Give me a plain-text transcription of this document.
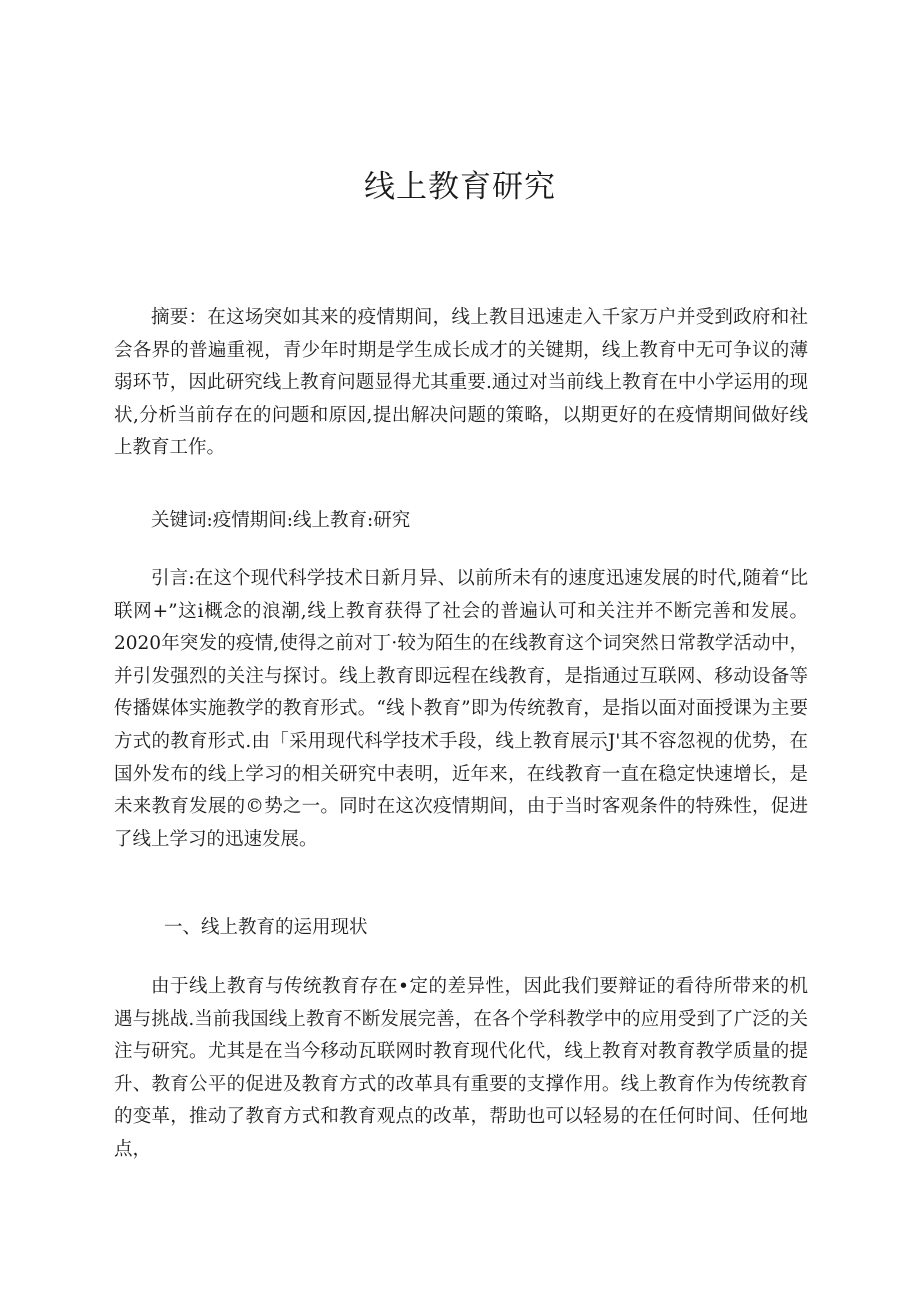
线上教育研究

摘要：在这场突如其来的疫情期间，线上教目迅速走入千家万户并受到政府和社会各界的普遍重视，青少年时期是学生成长成才的关键期，线上教育中无可争议的薄弱环节，因此研究线上教育问题显得尤其重要.通过对当前线上教育在中小学运用的现状,分析当前存在的问题和原因,提出解决问题的策略，以期更好的在疫情期间做好线上教育工作。

关键词:疫情期间:线上教育:研究

引言:在这个现代科学技术日新月异、以前所未有的速度迅速发展的时代,随着“比联网+”这i概念的浪潮,线上教育获得了社会的普遍认可和关注并不断完善和发展。2020年突发的疫情,使得之前对丁·较为陌生的在线教育这个词突然日常教学活动中，并引发强烈的关注与探讨。线上教育即远程在线教育，是指通过互联网、移动设备等传播媒体实施教学的教育形式。“线卜教育”即为传统教育，是指以面对面授课为主要方式的教育形式.由「采用现代科学技术手段，线上教育展示J'其不容忽视的优势，在国外发布的线上学习的相关研究中表明，近年来，在线教育一直在稳定快速增长，是未来教育发展的©势之一。同时在这次疫情期间，由于当时客观条件的特殊性，促进了线上学习的迅速发展。

一、线上教育的运用现状

由于线上教育与传统教育存在•定的差异性，因此我们要辩证的看待所带来的机遇与挑战.当前我国线上教育不断发展完善，在各个学科教学中的应用受到了广泛的关注与研究。尤其是在当今移动瓦联网时教育现代化代，线上教育对教育教学质量的提升、教育公平的促进及教育方式的改革具有重要的支撑作用。线上教育作为传统教育的变革，推动了教育方式和教育观点的改革，帮助也可以轻易的在任何时间、任何地点，
